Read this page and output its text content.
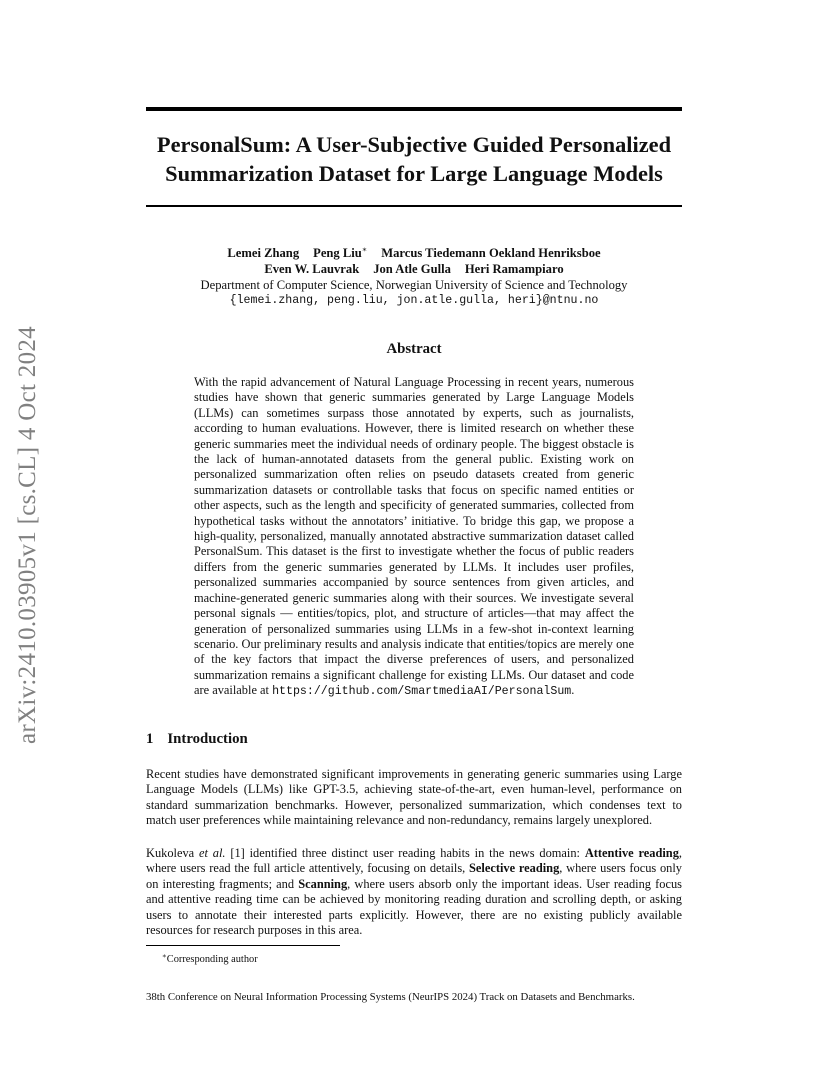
arXiv:2410.03905v1 [cs.CL] 4 Oct 2024
PersonalSum: A User-Subjective Guided Personalized
Summarization Dataset for Large Language Models
Lemei Zhang Peng Liu∗ Marcus Tiedemann Oekland Henriksboe
Even W. Lauvrak Jon Atle Gulla Heri Ramampiaro
Department of Computer Science, Norwegian University of Science and Technology
{lemei.zhang, peng.liu, jon.atle.gulla, heri}@ntnu.no
Abstract

With the rapid advancement of Natural Language Processing in recent years, numerous studies have shown that generic summaries generated by Large Language Models (LLMs) can sometimes surpass those annotated by experts, such as journalists, according to human evaluations. However, there is limited research on whether these generic summaries meet the individual needs of ordinary people. The biggest obstacle is the lack of human-annotated datasets from the general public. Existing work on personalized summarization often relies on pseudo datasets created from generic summarization datasets or controllable tasks that focus on specific named entities or other aspects, such as the length and specificity of generated summaries, collected from hypothetical tasks without the annotators’ initiative. To bridge this gap, we propose a high-quality, personalized, manually annotated abstractive summarization dataset called PersonalSum. This dataset is the first to investigate whether the focus of public readers differs from the generic summaries generated by LLMs. It includes user profiles, personalized summaries accompanied by source sentences from given articles, and machine-generated generic summaries along with their sources. We investigate several personal signals — entities/topics, plot, and structure of articles—that may affect the generation of personalized summaries using LLMs in a few-shot in-context learning scenario. Our preliminary results and analysis indicate that entities/topics are merely one of the key factors that impact the diverse preferences of users, and personalized summarization remains a significant challenge for existing LLMs. Our dataset and code are available at https://github.com/SmartmediaAI/PersonalSum.

1 Introduction

Recent studies have demonstrated significant improvements in generating generic summaries using Large Language Models (LLMs) like GPT-3.5, achieving state-of-the-art, even human-level, performance on standard summarization benchmarks. However, personalized summarization, which condenses text to match user preferences while maintaining relevance and non-redundancy, remains largely unexplored.

Kukoleva et al. [1] identified three distinct user reading habits in the news domain: Attentive reading, where users read the full article attentively, focusing on details, Selective reading, where users focus only on interesting fragments; and Scanning, where users absorb only the important ideas. User reading focus and attentive reading time can be achieved by monitoring reading duration and scrolling depth, or asking users to annotate their interested parts explicitly. However, there are no existing publicly available resources for research purposes in this area.

∗Corresponding author
38th Conference on Neural Information Processing Systems (NeurIPS 2024) Track on Datasets and Benchmarks.
